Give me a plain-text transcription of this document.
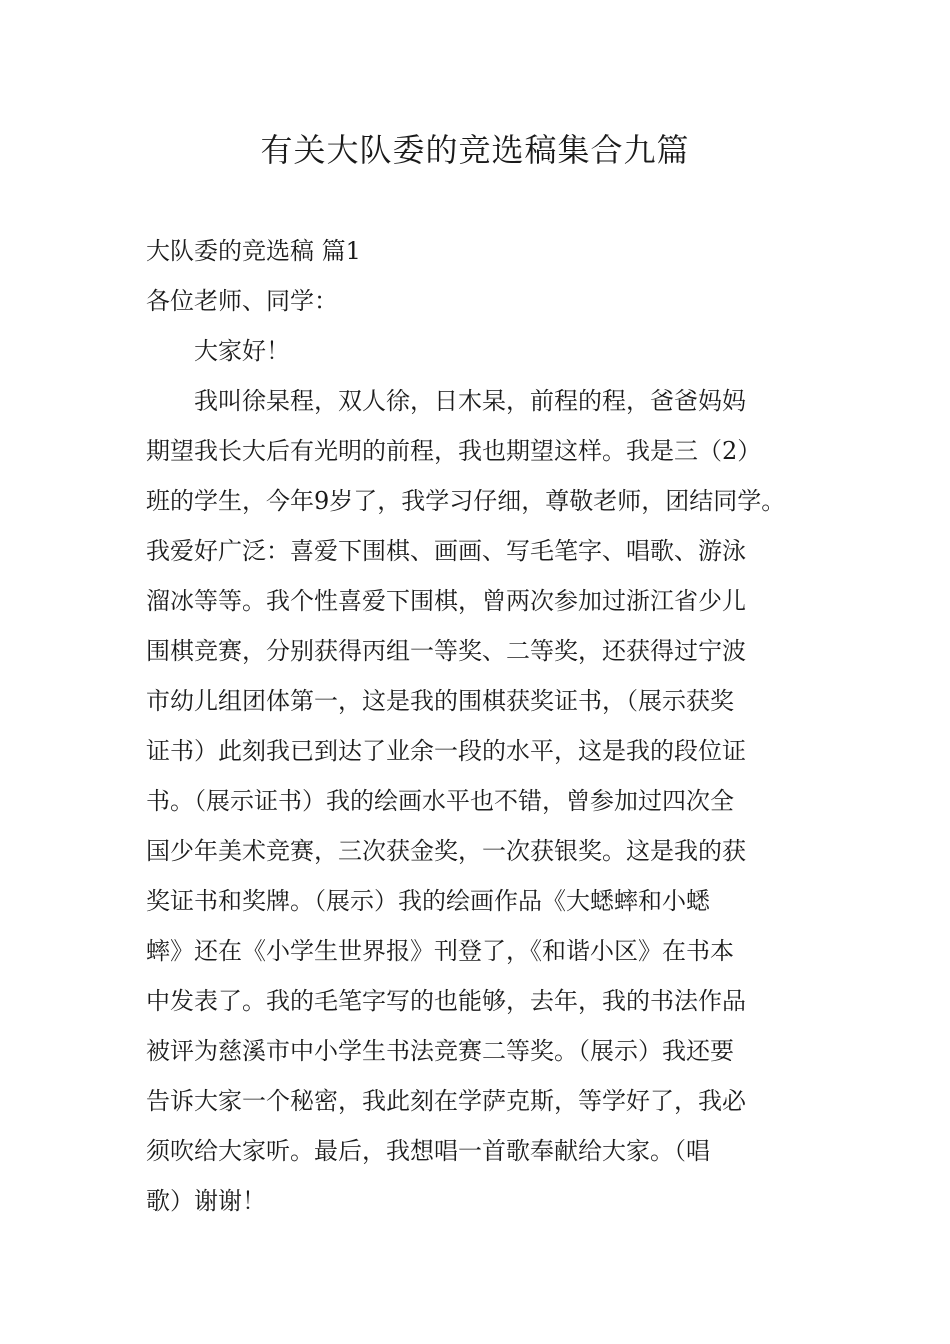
有关大队委的竞选稿集合九篇

大队委的竞选稿 篇1

各位老师、同学：

大家好！

我叫徐杲程，双人徐，日木杲，前程的程，爸爸妈妈
期望我长大后有光明的前程，我也期望这样。我是三（2）
班的学生，今年9岁了，我学习仔细，尊敬老师，团结同学。
我爱好广泛：喜爱下围棋、画画、写毛笔字、唱歌、游泳
溜冰等等。我个性喜爱下围棋，曾两次参加过浙江省少儿
围棋竞赛，分别获得丙组一等奖、二等奖，还获得过宁波
市幼儿组团体第一，这是我的围棋获奖证书，（展示获奖
证书）此刻我已到达了业余一段的水平，这是我的段位证
书。（展示证书）我的绘画水平也不错，曾参加过四次全
国少年美术竞赛，三次获金奖，一次获银奖。这是我的获
奖证书和奖牌。（展示）我的绘画作品《大蟋蟀和小蟋
蟀》还在《小学生世界报》刊登了，《和谐小区》在书本
中发表了。我的毛笔字写的也能够，去年，我的书法作品
被评为慈溪市中小学生书法竞赛二等奖。（展示）我还要
告诉大家一个秘密，我此刻在学萨克斯，等学好了，我必
须吹给大家听。最后，我想唱一首歌奉献给大家。（唱
歌）谢谢！
